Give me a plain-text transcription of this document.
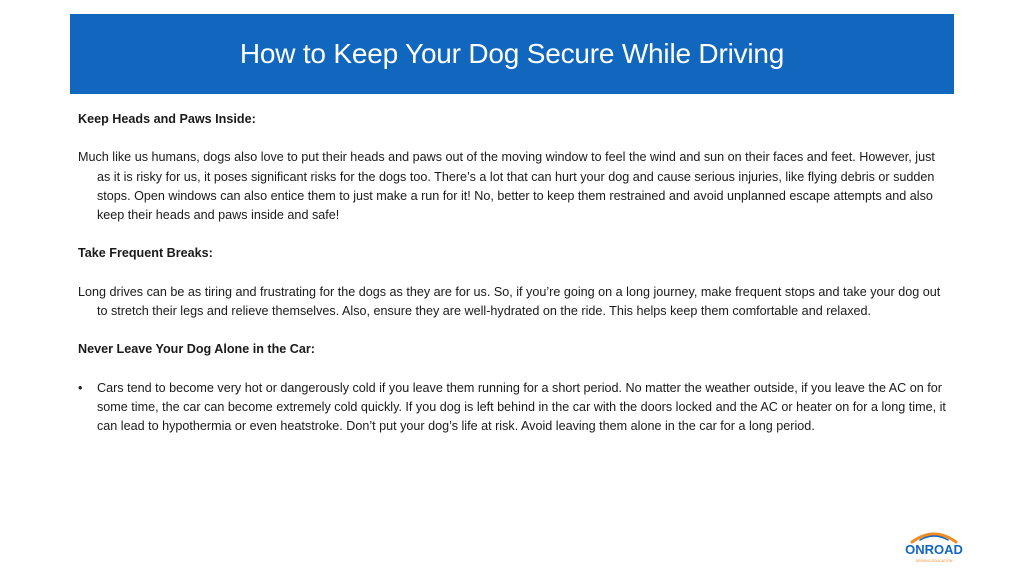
How to Keep Your Dog Secure While Driving

Keep Heads and Paws Inside:

Much like us humans, dogs also love to put their heads and paws out of the moving window to feel the wind and sun on their faces and feet. However, just as it is risky for us, it poses significant risks for the dogs too. There’s a lot that can hurt your dog and cause serious injuries, like flying debris or sudden stops. Open windows can also entice them to just make a run for it! No, better to keep them restrained and avoid unplanned escape attempts and also keep their heads and paws inside and safe!

Take Frequent Breaks:

Long drives can be as tiring and frustrating for the dogs as they are for us. So, if you’re going on a long journey, make frequent stops and take your dog out to stretch their legs and relieve themselves. Also, ensure they are well-hydrated on the ride. This helps keep them comfortable and relaxed.

Never Leave Your Dog Alone in the Car:

• Cars tend to become very hot or dangerously cold if you leave them running for a short period. No matter the weather outside, if you leave the AC on for some time, the car can become extremely cold quickly. If you dog is left behind in the car with the doors locked and the AC or heater on for a long time, it can lead to hypothermia or even heatstroke. Don’t put your dog’s life at risk. Avoid leaving them alone in the car for a long period.
ONROAD
DRIVING EDUCATION
